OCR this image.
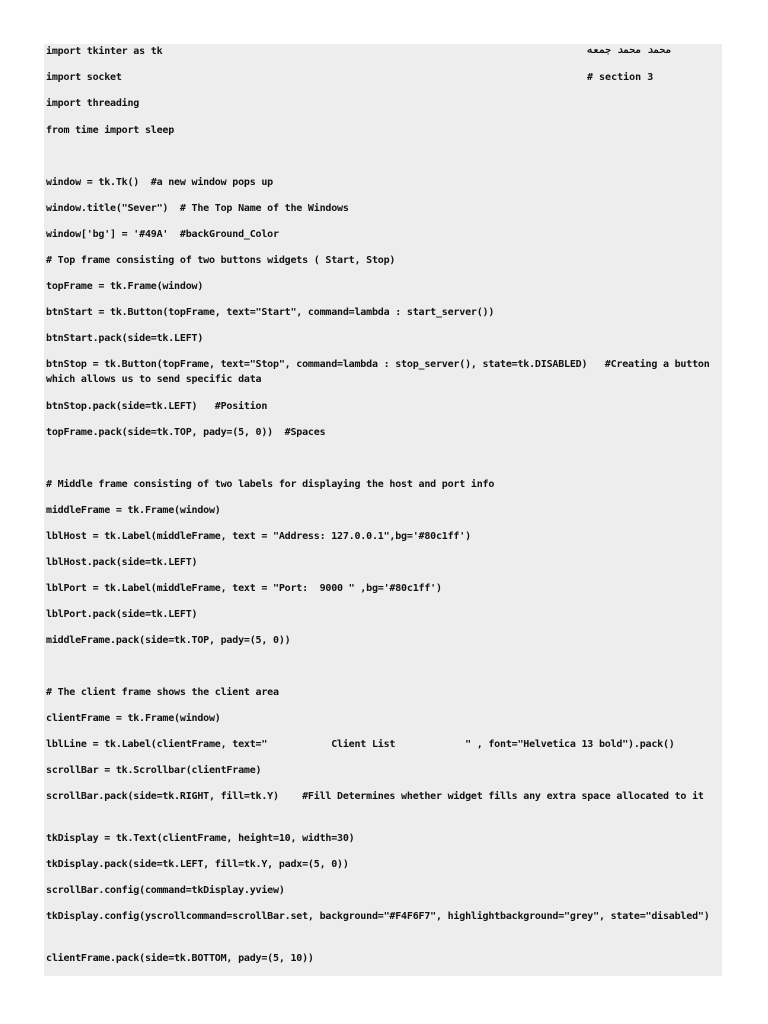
محمد محمد جمعه
# section 3
import tkinter as tk
import socket
import threading
from time import sleep
window = tk.Tk()  #a new window pops up
window.title("Sever")  # The Top Name of the Windows
window['bg'] = '#49A'  #backGround_Color
# Top frame consisting of two buttons widgets ( Start, Stop)
topFrame = tk.Frame(window)
btnStart = tk.Button(topFrame, text="Start", command=lambda : start_server())
btnStart.pack(side=tk.LEFT)
btnStop = tk.Button(topFrame, text="Stop", command=lambda : stop_server(), state=tk.DISABLED)   #Creating a button which allows us to send specific data
btnStop.pack(side=tk.LEFT)   #Position
topFrame.pack(side=tk.TOP, pady=(5, 0))  #Spaces
# Middle frame consisting of two labels for displaying the host and port info
middleFrame = tk.Frame(window)
lblHost = tk.Label(middleFrame, text = "Address: 127.0.0.1",bg='#80c1ff')
lblHost.pack(side=tk.LEFT)
lblPort = tk.Label(middleFrame, text = "Port:  9000 " ,bg='#80c1ff')
lblPort.pack(side=tk.LEFT)
middleFrame.pack(side=tk.TOP, pady=(5, 0))
# The client frame shows the client area
clientFrame = tk.Frame(window)
lblLine = tk.Label(clientFrame, text="           Client List            " , font="Helvetica 13 bold").pack()
scrollBar = tk.Scrollbar(clientFrame)
scrollBar.pack(side=tk.RIGHT, fill=tk.Y)    #Fill Determines whether widget fills any extra space allocated to it
tkDisplay = tk.Text(clientFrame, height=10, width=30)
tkDisplay.pack(side=tk.LEFT, fill=tk.Y, padx=(5, 0))
scrollBar.config(command=tkDisplay.yview)
tkDisplay.config(yscrollcommand=scrollBar.set, background="#F4F6F7", highlightbackground="grey", state="disabled")
clientFrame.pack(side=tk.BOTTOM, pady=(5, 10))
